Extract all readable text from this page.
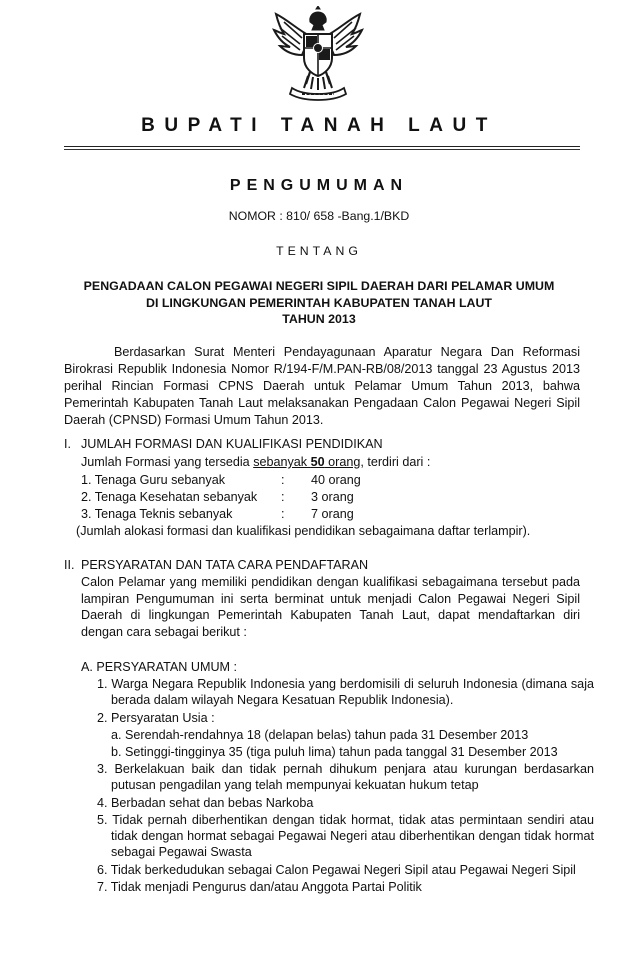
BUPATI TANAH LAUT
PENGUMUMAN
NOMOR : 810/ 658 -Bang.1/BKD
TENTANG
PENGADAAN CALON PEGAWAI NEGERI SIPIL DAERAH DARI PELAMAR UMUM
DI LINGKUNGAN PEMERINTAH KABUPATEN TANAH LAUT
TAHUN 2013
Berdasarkan Surat Menteri Pendayagunaan Aparatur Negara Dan Reformasi Birokrasi Republik Indonesia Nomor R/194-F/M.PAN-RB/08/2013 tanggal 23 Agustus 2013 perihal Rincian Formasi CPNS Daerah untuk Pelamar Umum Tahun 2013, bahwa Pemerintah Kabupaten Tanah Laut melaksanakan Pengadaan Calon Pegawai Negeri Sipil Daerah (CPNSD) Formasi Umum Tahun 2013.
I. JUMLAH FORMASI DAN KUALIFIKASI PENDIDIKAN
Jumlah Formasi yang tersedia sebanyak 50 orang, terdiri dari :
1. Tenaga Guru sebanyak	: 40 orang
2. Tenaga Kesehatan sebanyak : 3 orang
3. Tenaga Teknis sebanyak	: 7 orang
(Jumlah alokasi formasi dan kualifikasi pendidikan sebagaimana daftar terlampir).
II. PERSYARATAN DAN TATA CARA PENDAFTARAN
Calon Pelamar yang memiliki pendidikan dengan kualifikasi sebagaimana tersebut pada lampiran Pengumuman ini serta berminat untuk menjadi Calon Pegawai Negeri Sipil Daerah di lingkungan Pemerintah Kabupaten Tanah Laut, dapat mendaftarkan diri dengan cara sebagai berikut :
A. PERSYARATAN UMUM :
1. Warga Negara Republik Indonesia yang berdomisili di seluruh Indonesia (dimana saja berada dalam wilayah Negara Kesatuan Republik Indonesia).
2. Persyaratan Usia :
a. Serendah-rendahnya 18 (delapan belas) tahun pada 31 Desember 2013
b. Setinggi-tingginya 35 (tiga puluh lima) tahun pada tanggal 31 Desember 2013
3. Berkelakuan baik dan tidak pernah dihukum penjara atau kurungan berdasarkan putusan pengadilan yang telah mempunyai kekuatan hukum tetap
4. Berbadan sehat dan bebas Narkoba
5. Tidak pernah diberhentikan dengan tidak hormat, tidak atas permintaan sendiri atau tidak dengan hormat sebagai Pegawai Negeri atau diberhentikan dengan tidak hormat sebagai Pegawai Swasta
6. Tidak berkedudukan sebagai Calon Pegawai Negeri Sipil atau Pegawai Negeri Sipil
7. Tidak menjadi Pengurus dan/atau Anggota Partai Politik
